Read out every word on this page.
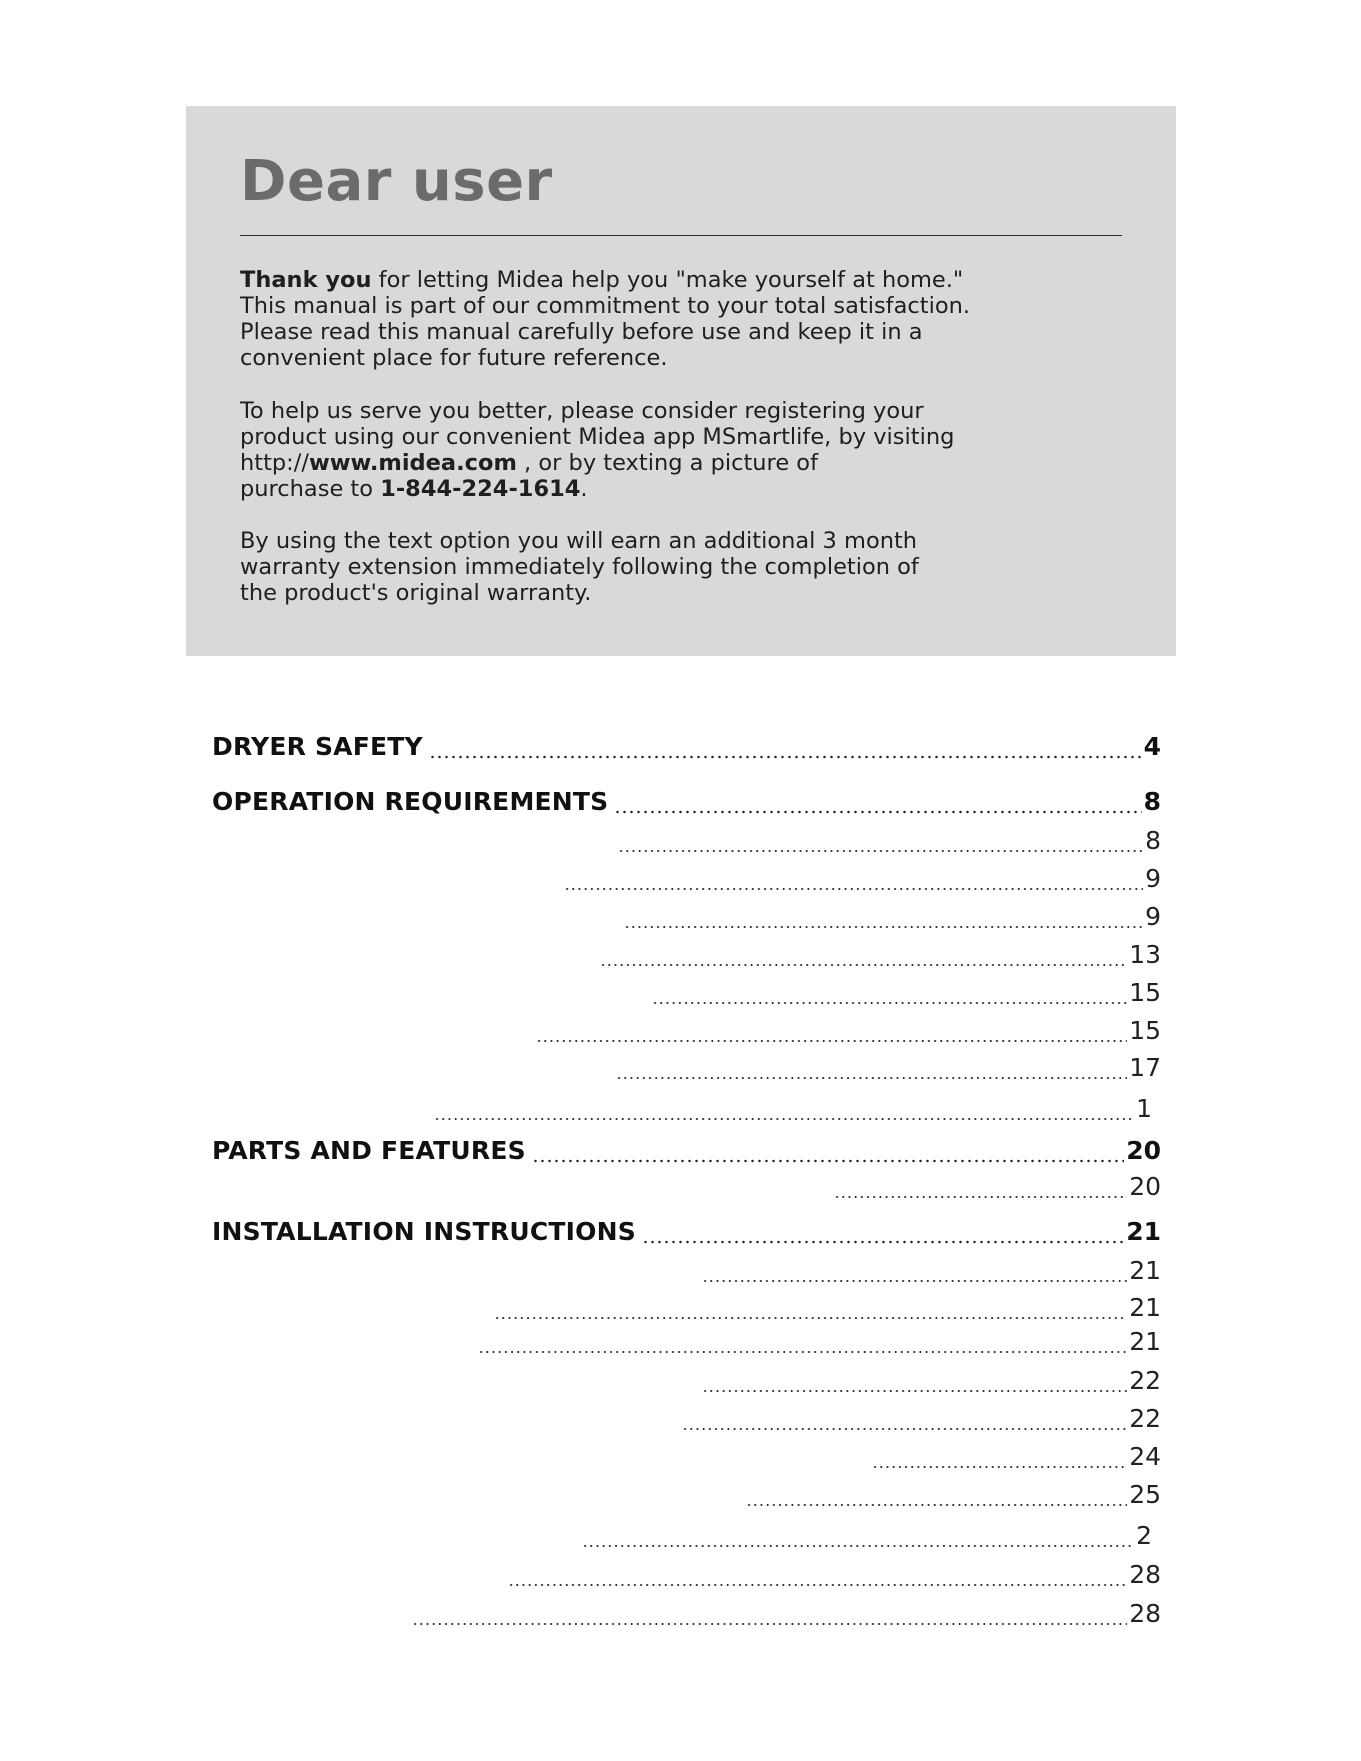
Dear user

Thank you for letting Midea help you "make yourself at home."
This manual is part of our commitment to your total satisfaction.
Please read this manual carefully before use and keep it in a
convenient place for future reference.

To help us serve you better, please consider registering your
product using our convenient Midea app MSmartlife, by visiting
http://www.midea.com , or by texting a picture of
purchase to 1-844-224-1614.

By using the text option you will earn an additional 3 month
warranty extension immediately following the completion of
the product's original warranty.

DRYER SAFETY	4
OPERATION REQUIREMENTS	8
8
9
9
13
15
15
17
1
PARTS AND FEATURES	20
20
INSTALLATION INSTRUCTIONS	21
21
21
21
22
22
24
25
2
28
28
